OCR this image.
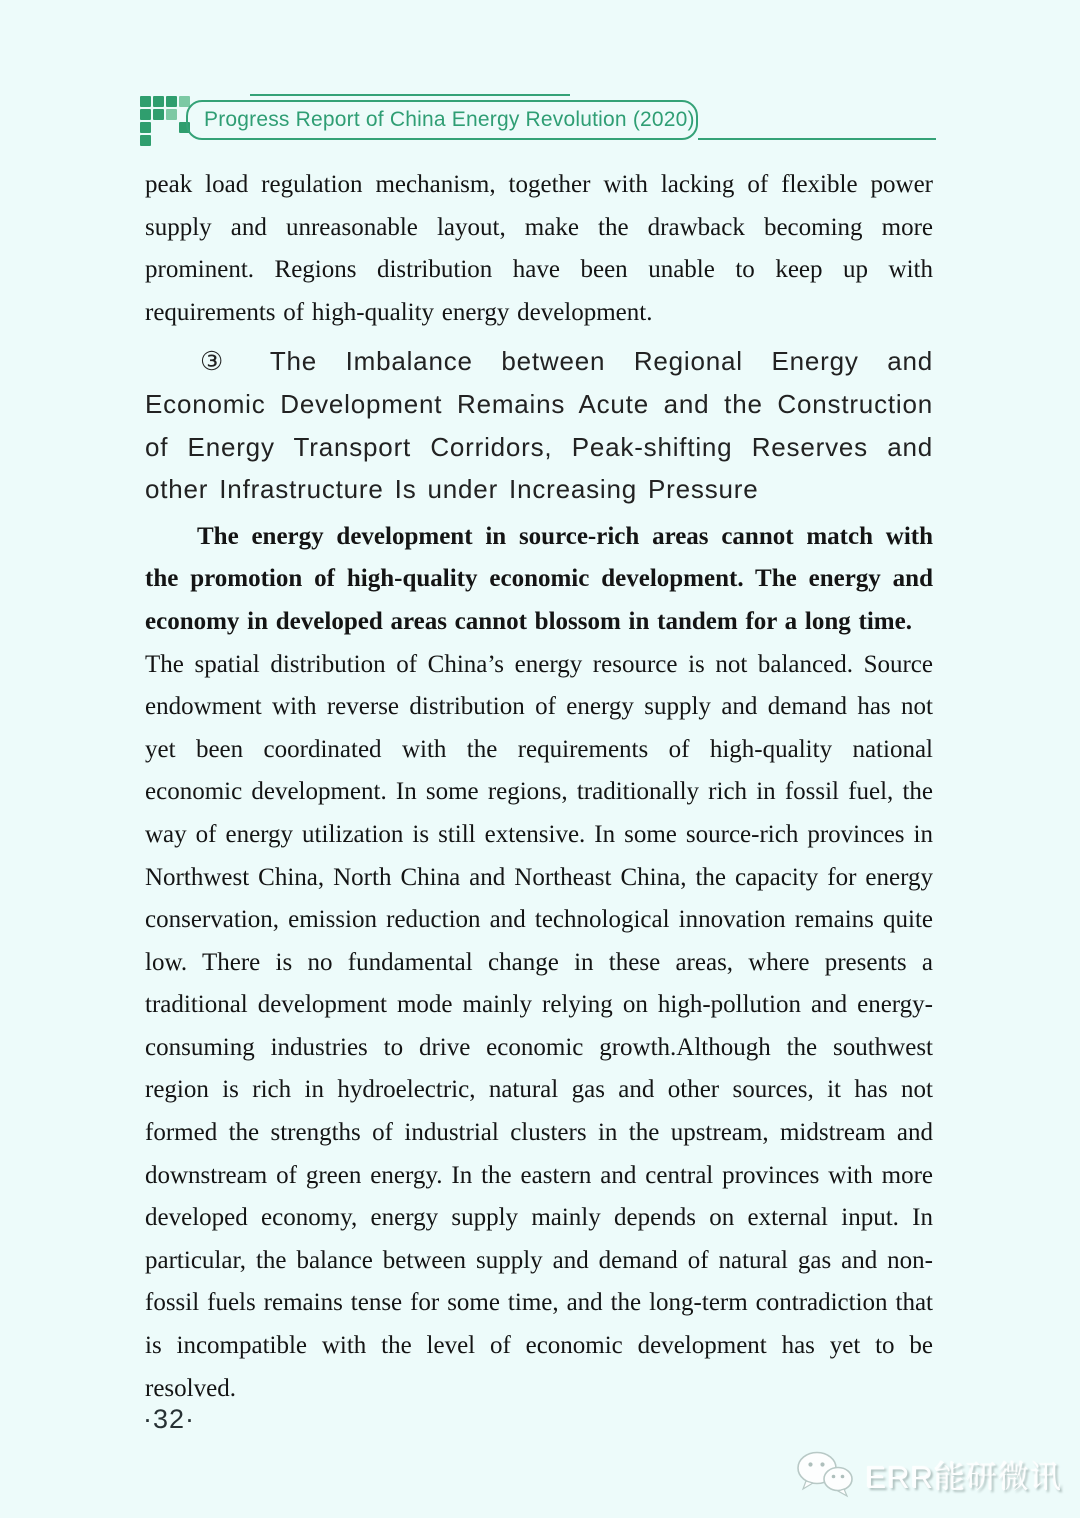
Progress Report of China Energy Revolution (2020)

peak load regulation mechanism, together with lacking of flexible power supply and unreasonable layout, make the drawback becoming more prominent. Regions distribution have been unable to keep up with requirements of high-quality energy development.

③ The Imbalance between Regional Energy and Economic Development Remains Acute and the Construction of Energy Transport Corridors, Peak-shifting Reserves and other Infrastructure Is under Increasing Pressure

The energy development in source-rich areas cannot match with the promotion of high-quality economic development. The energy and economy in developed areas cannot blossom in tandem for a long time.

The spatial distribution of China’s energy resource is not balanced. Source endowment with reverse distribution of energy supply and demand has not yet been coordinated with the requirements of high-quality national economic development. In some regions, traditionally rich in fossil fuel, the way of energy utilization is still extensive. In some source-rich provinces in Northwest China, North China and Northeast China, the capacity for energy conservation, emission reduction and technological innovation remains quite low. There is no fundamental change in these areas, where presents a traditional development mode mainly relying on high-pollution and energy-consuming industries to drive economic growth.Although the southwest region is rich in hydroelectric, natural gas and other sources, it has not formed the strengths of industrial clusters in the upstream, midstream and downstream of green energy. In the eastern and central provinces with more developed economy, energy supply mainly depends on external input. In particular, the balance between supply and demand of natural gas and non-fossil fuels remains tense for some time, and the long-term contradiction that is incompatible with the level of economic development has yet to be resolved.

·32·
ERR能研微讯
